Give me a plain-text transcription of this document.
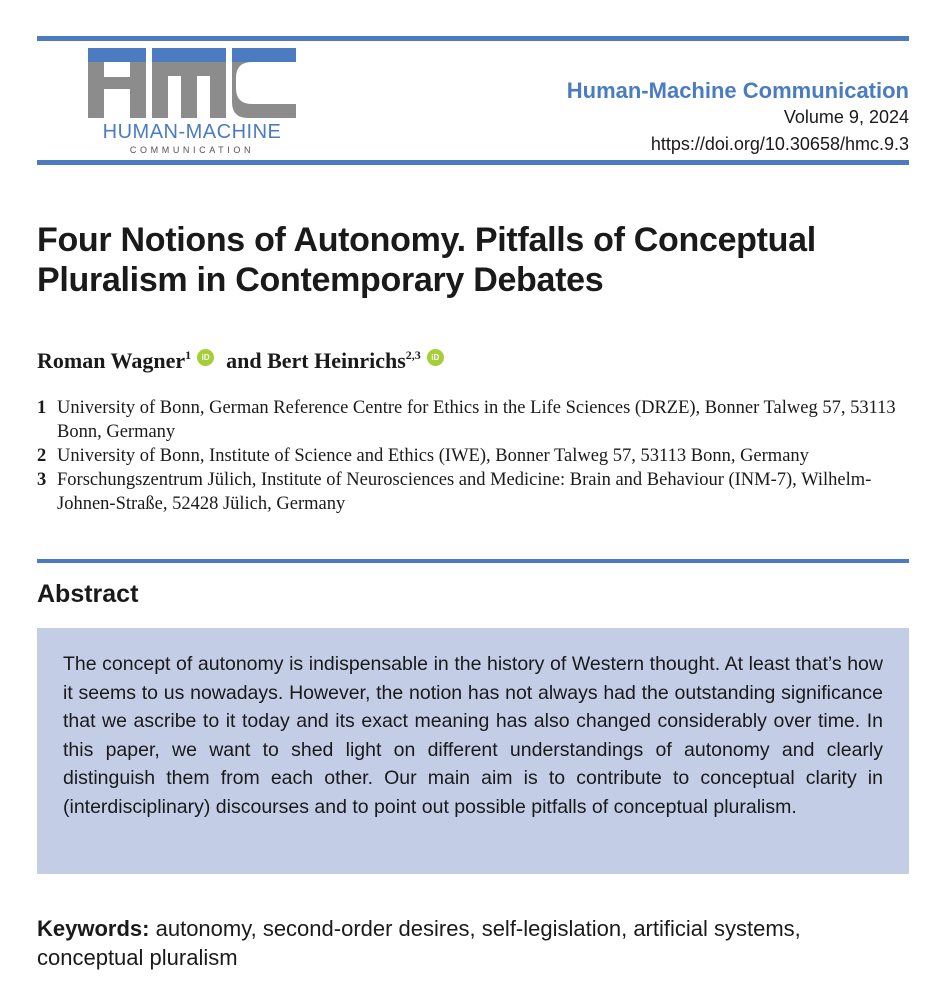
HUMAN-MACHINE
COMMUNICATION
Human-Machine Communication
Volume 9, 2024
https://doi.org/10.30658/hmc.9.3
Four Notions of Autonomy. Pitfalls of Conceptual
Pluralism in Contemporary Debates
Roman Wagner$^1$ iD and Bert Heinrichs$^{2,3}$ iD
1 University of Bonn, German Reference Centre for Ethics in the Life Sciences (DRZE), Bonner Talweg 57, 53113 Bonn, Germany
2 University of Bonn, Institute of Science and Ethics (IWE), Bonner Talweg 57, 53113 Bonn, Germany
3 Forschungszentrum Jülich, Institute of Neurosciences and Medicine: Brain and Behaviour (INM-7), Wilhelm-Johnen-Straße, 52428 Jülich, Germany
Abstract
The concept of autonomy is indispensable in the history of Western thought. At least that’s how it seems to us nowadays. However, the notion has not always had the outstanding significance that we ascribe to it today and its exact meaning has also changed considerably over time. In this paper, we want to shed light on different understandings of autonomy and clearly distinguish them from each other. Our main aim is to contribute to conceptual clarity in (interdisciplinary) discourses and to point out possible pitfalls of conceptual pluralism.
Keywords: autonomy, second-order desires, self-legislation, artificial systems, conceptual pluralism
